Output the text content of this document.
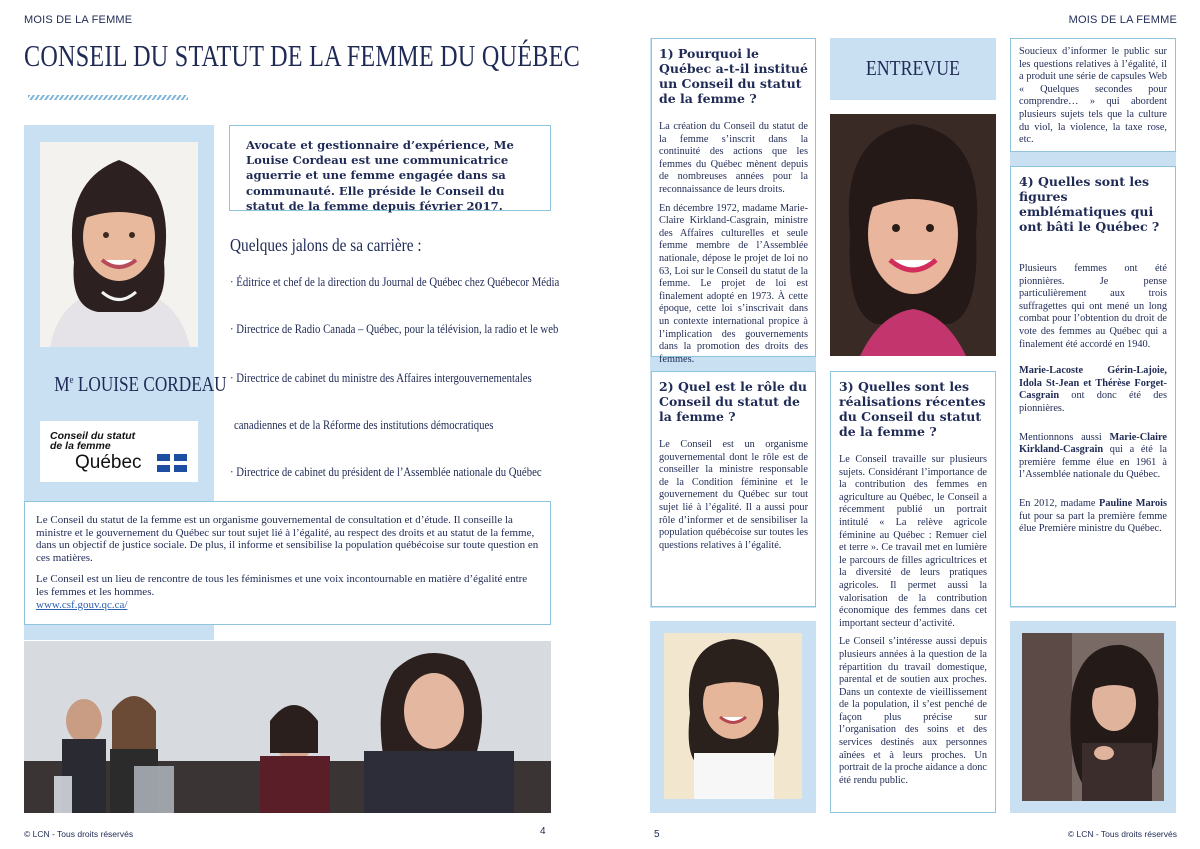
MOIS DE LA FEMME
CONSEIL DU STATUT DE LA FEMME DU QUÉBEC
Me LOUISE CORDEAU
Conseil du statut
de la femme
Québec
Avocate et gestionnaire d’expérience, Me Louise Cordeau est une communicatrice aguerrie et une femme engagée dans sa communauté. Elle préside le Conseil du statut de la femme depuis février 2017.
Quelques jalons de sa carrière :
· Éditrice et chef de la direction du Journal de Québec chez Québecor Média
· Directrice de Radio Canada – Québec, pour la télévision, la radio et le web
· Directrice de cabinet du ministre des Affaires intergouvernementales
canadiennes et de la Réforme des institutions démocratiques
· Directrice de cabinet du président de l’Assemblée nationale du Québec
Le Conseil du statut de la femme est un organisme gouvernemental de consultation et d’étude. Il conseille la ministre et le gouvernement du Québec sur tout sujet lié à l’égalité, au respect des droits et au statut de la femme, dans un objectif de justice sociale. De plus, il informe et sensibilise la population québécoise sur toute question en ces matières.
Le Conseil est un lieu de rencontre de tous les féminismes et une voix incontournable en matière d’égalité entre les femmes et les hommes.
www.csf.gouv.qc.ca/
© LCN - Tous droits réservés	4
MOIS DE LA FEMME
1) Pourquoi le Québec a-t-il institué un Conseil du statut de la femme ?
La création du Conseil du statut de la femme s’inscrit dans la continuité des actions que les femmes du Québec mènent depuis de nombreuses années pour la reconnaissance de leurs droits.
En décembre 1972, madame Marie-Claire Kirkland-Casgrain, ministre des Affaires culturelles et seule femme membre de l’Assemblée nationale, dépose le projet de loi no 63, Loi sur le Conseil du statut de la femme. Le projet de loi est finalement adopté en 1973. À cette époque, cette loi s’inscrivait dans un contexte international propice à l’implication des gouvernements dans la promotion des droits des femmes.
2) Quel est le rôle du Conseil du statut de la femme ?
Le Conseil est un organisme gouvernemental dont le rôle est de conseiller la ministre responsable de la Condition féminine et le gouvernement du Québec sur tout sujet lié à l’égalité. Il a aussi pour rôle d’informer et de sensibiliser la population québécoise sur toutes les questions relatives à l’égalité.
ENTREVUE
3) Quelles sont les réalisations récentes du Conseil du statut de la femme ?
Le Conseil travaille sur plusieurs sujets. Considérant l’importance de la contribution des femmes en agriculture au Québec, le Conseil a récemment publié un portrait intitulé « La relève agricole féminine au Québec : Remuer ciel et terre ». Ce travail met en lumière le parcours de filles agricultrices et la diversité de leurs pratiques agricoles. Il permet aussi la valorisation de la contribution économique des femmes dans cet important secteur d’activité.
Le Conseil s’intéresse aussi depuis plusieurs années à la question de la répartition du travail domestique, parental et de soutien aux proches. Dans un contexte de vieillissement de la population, il s’est penché de façon plus précise sur l’organisation des soins et des services destinés aux personnes aînées et à leurs proches. Un portrait de la proche aidance a donc été rendu public.
Soucieux d’informer le public sur les questions relatives à l’égalité, il a produit une série de capsules Web « Quelques secondes pour comprendre… » qui abordent plusieurs sujets tels que la culture du viol, la violence, la taxe rose, etc.
4) Quelles sont les figures emblématiques qui ont bâti le Québec ?
Plusieurs femmes ont été pionnières. Je pense particulièrement aux trois suffragettes qui ont mené un long combat pour l’obtention du droit de vote des femmes au Québec qui a finalement été accordé en 1940.
Marie-Lacoste Gérin-Lajoie, Idola St-Jean et Thérèse Forget-Casgrain ont donc été des pionnières.
Mentionnons aussi Marie-Claire Kirkland-Casgrain qui a été la première femme élue en 1961 à l’Assemblée nationale du Québec.
En 2012, madame Pauline Marois fut pour sa part la première femme élue Première ministre du Québec.
5	© LCN - Tous droits réservés
